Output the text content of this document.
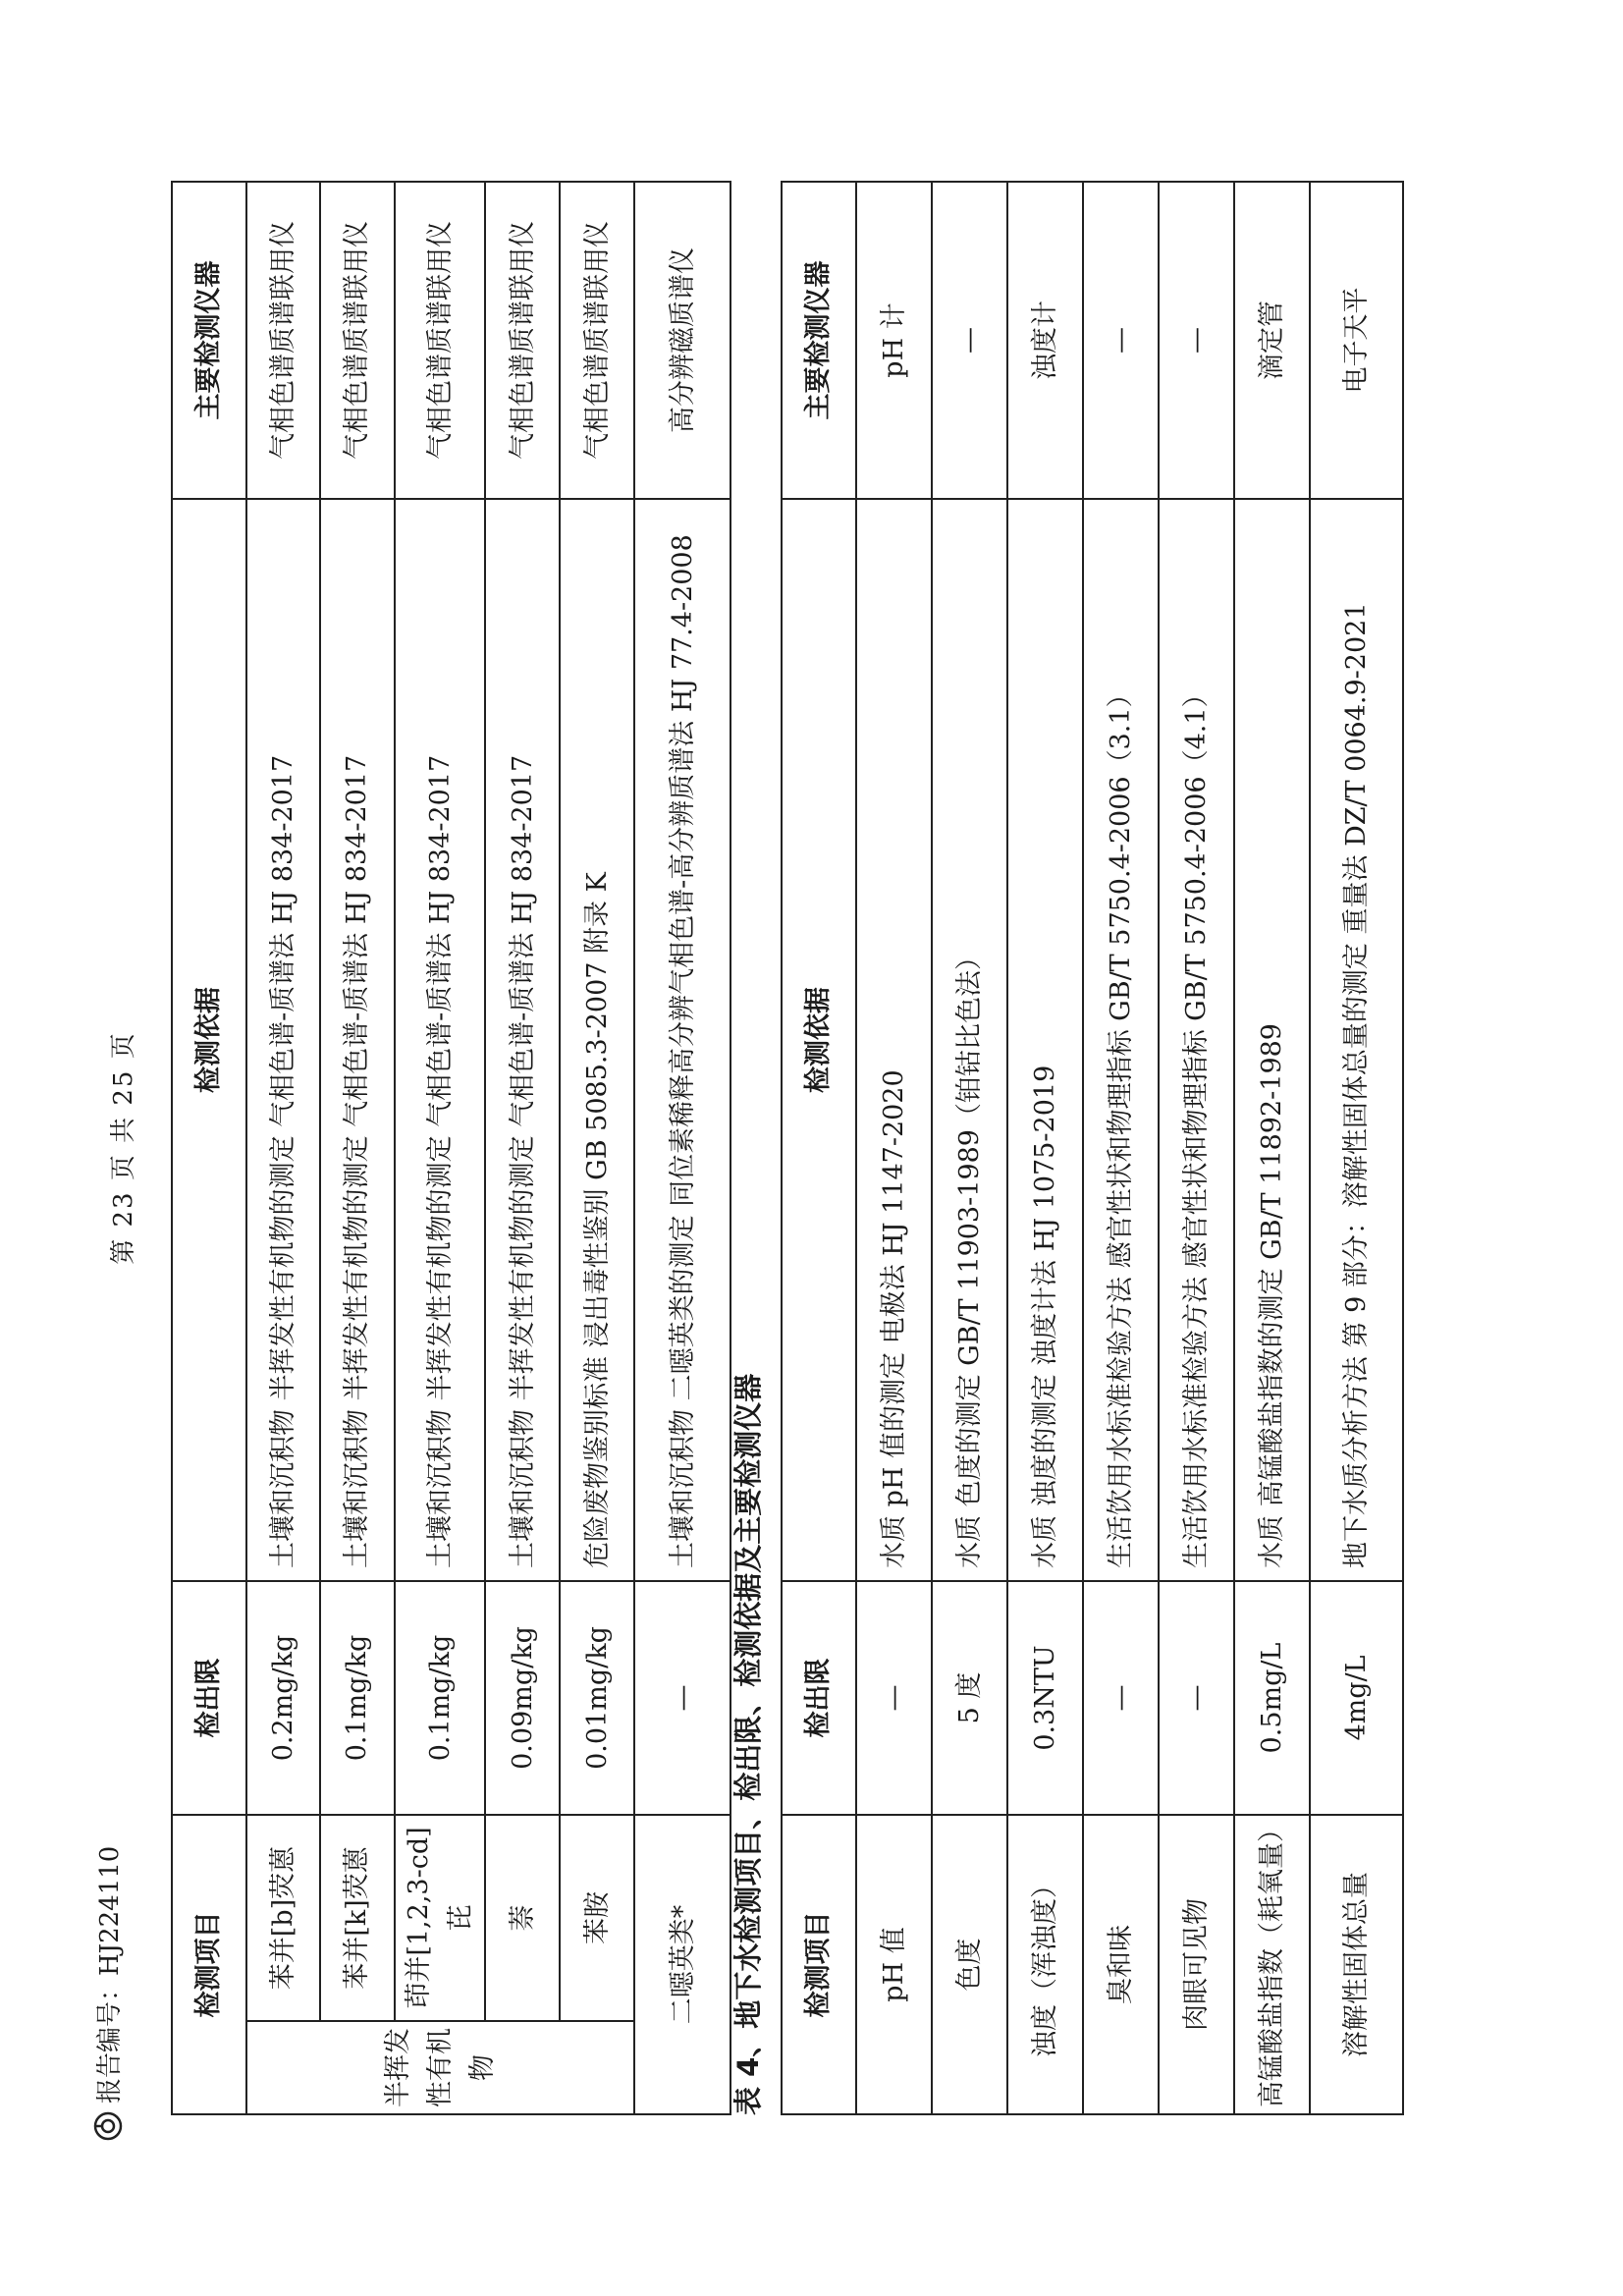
报告编号：HJ224110
第 23 页 共 25 页
检测项目		检出限	检测依据	主要检测仪器
半挥发性有机物	苯并[b]荧蒽	0.2mg/kg	土壤和沉积物 半挥发性有机物的测定 气相色谱-质谱法 HJ 834-2017	气相色谱质谱联用仪
	苯并[k]荧蒽	0.1mg/kg	土壤和沉积物 半挥发性有机物的测定 气相色谱-质谱法 HJ 834-2017	气相色谱质谱联用仪
	茚并[1,2,3-cd]芘	0.1mg/kg	土壤和沉积物 半挥发性有机物的测定 气相色谱-质谱法 HJ 834-2017	气相色谱质谱联用仪
	萘	0.09mg/kg	土壤和沉积物 半挥发性有机物的测定 气相色谱-质谱法 HJ 834-2017	气相色谱质谱联用仪
	苯胺	0.01mg/kg	危险废物鉴别标准 浸出毒性鉴别 GB 5085.3-2007 附录 K	气相色谱质谱联用仪
二噁英类*		—	土壤和沉积物 二噁英类的测定 同位素稀释高分辨气相色谱-高分辨质谱法 HJ 77.4-2008	高分辨磁质谱仪
表 4、地下水检测项目、检出限、检测依据及主要检测仪器 检测项目	检出限	检测依据	主要检测仪器
pH 值	—	水质 pH 值的测定 电极法 HJ 1147-2020	pH 计
色度	5 度	水质 色度的测定 GB/T 11903-1989（铂钴比色法）	—
浊度（浑浊度）	0.3NTU	水质 浊度的测定 浊度计法 HJ 1075-2019	浊度计
臭和味	—	生活饮用水标准检验方法 感官性状和物理指标 GB/T 5750.4-2006（3.1）	—
肉眼可见物	—	生活饮用水标准检验方法 感官性状和物理指标 GB/T 5750.4-2006（4.1）	—
高锰酸盐指数（耗氧量）	0.5mg/L	水质 高锰酸盐指数的测定 GB/T 11892-1989	滴定管
溶解性固体总量	4mg/L	地下水质分析方法 第 9 部分：溶解性固体总量的测定 重量法 DZ/T 0064.9-2021	电子天平
